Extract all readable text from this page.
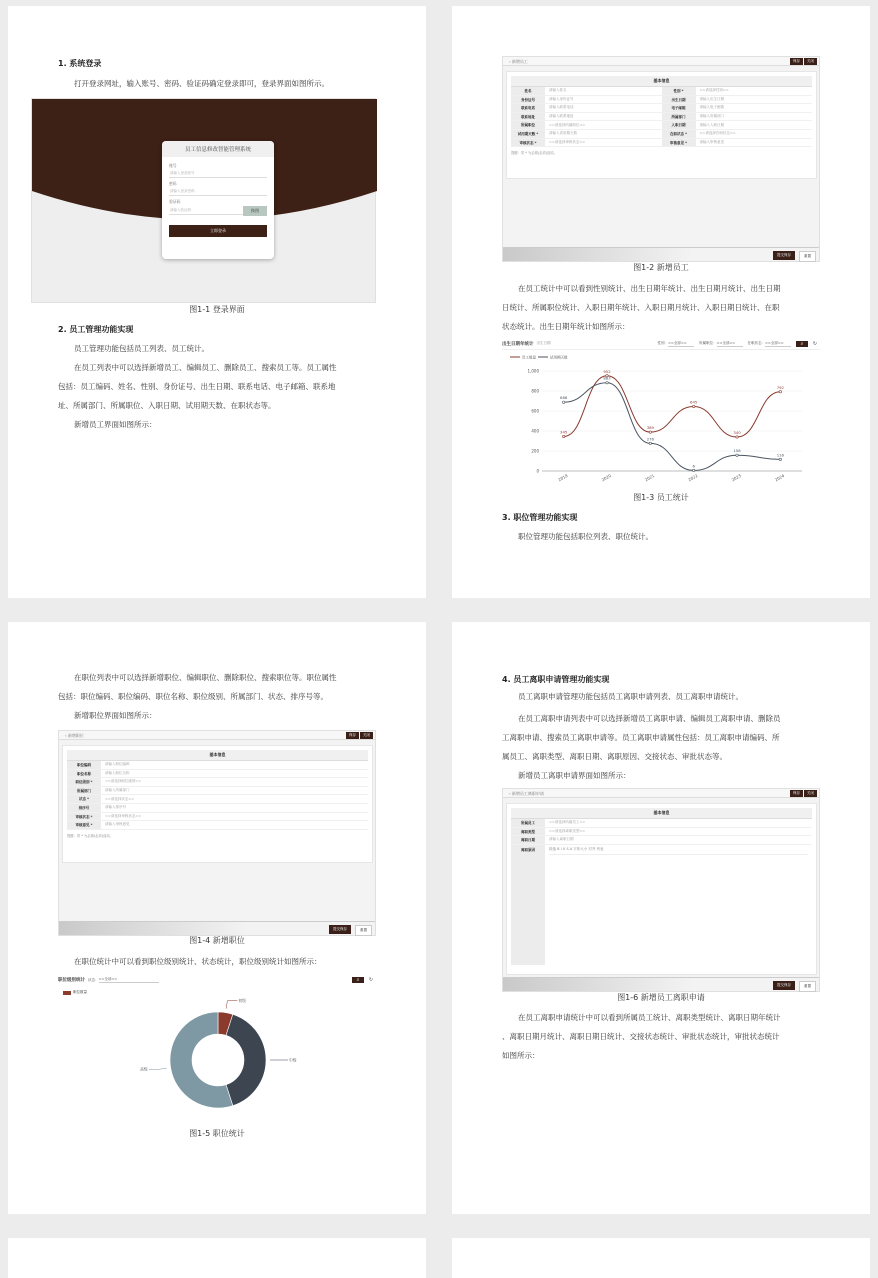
1. 系统登录
打开登录网址，输入账号、密码、验证码确定登录即可，登录界面如图所示。
员工信息修改智能管理系统
账号
请输入登录账号
密码
请输入登录密码
验证码
请输入验证码	换图
立即登录
图1-1 登录界面
2. 员工管理功能实现
员工管理功能包括员工列表、员工统计。
在员工列表中可以选择新增员工、编辑员工、删除员工、搜索员工等。员工属性
包括：员工编码、姓名、性别、身份证号、出生日期、联系电话、电子邮箱、联系地
址、所属部门、所属职位、入职日期、试用期天数、在职状态等。
新增员工界面如图所示：
‹ 新增员工	保存	关闭
基本信息
姓名	请输入姓名	性别 *	==请选择性别==
身份证号	请输入身份证号	出生日期	请输入出生日期
联系电话	请输入联系电话	电子邮箱	请输入电子邮箱
联系地址	请输入联系地址	所属部门	请输入所属部门
所属职位	==请选择所属职位==	入职日期	请输入入职日期
试用期天数 *	请输入试用期天数	在职状态 *	==请选择在职状态==
审核状态 *	==请选择审核状态==	审核意见 *	请输入审核意见
提醒：带 * 为必填(必须)选项。
提交保存	重置
图1-2 新增员工
在员工统计中可以看到性别统计、出生日期年统计、出生日期月统计、出生日期
日统计、所属职位统计、入职日期年统计、入职日期月统计、入职日期日统计、在职
状态统计。出生日期年统计如图所示：
出生日期年统计 出生日期	性别： ==全部==	所属职位： ==全部==	在职状态： ==全部==	⌕	↻
员工数量	试用期天数
0
200
400
600
800
1,000
2019	2020	2021	2022	2023	2024
345
952
389
645
340
792
688
883
276
6
158
116
图1-3 员工统计
3. 职位管理功能实现
职位管理功能包括职位列表、职位统计。
在职位列表中可以选择新增职位、编辑职位、删除职位、搜索职位等。职位属性
包括：职位编码、职位编码、职位名称、职位级别、所属部门、状态、排序号等。
新增职位界面如图所示：
‹ 新增职位	保存	关闭
基本信息
职位编码	请输入职位编码
职位名称	请输入职位名称
职位级别 *	==请选择职位级别==
所属部门	请输入所属部门
状态 *	==请选择状态==
排序号	请输入排序号
审核状态 *	==请选择审核状态==
审核意见 *	请输入审核意见
提醒：带 * 为必填(必须)选项。
提交保存	重置
图1-4 新增职位
在职位统计中可以看到职位级别统计、状态统计，职位级别统计如图所示：
职位级别统计 状态： ==全部==	⌕	↻
职位数量
初级
中级
高级
图1-5 职位统计
4. 员工离职申请管理功能实现
员工离职申请管理功能包括员工离职申请列表、员工离职申请统计。
在员工离职申请列表中可以选择新增员工离职申请、编辑员工离职申请、删除员
工离职申请、搜索员工离职申请等。员工离职申请属性包括：员工离职申请编码、所
属员工、离职类型、离职日期、离职原因、交接状态、审批状态等。
新增员工离职申请界面如图所示：
‹ 新增员工离职申请	保存	关闭
基本信息
所属员工	==请选择所属员工==
离职类型	==请选择离职类型==
离职日期	请输入离职日期
离职原因	段落 B I U S A 字体大小 对齐 列表
提交保存	重置
图1-6 新增员工离职申请
在员工离职申请统计中可以看到所属员工统计、离职类型统计、离职日期年统计
、离职日期月统计、离职日期日统计、交接状态统计、审批状态统计，审批状态统计
如图所示：
